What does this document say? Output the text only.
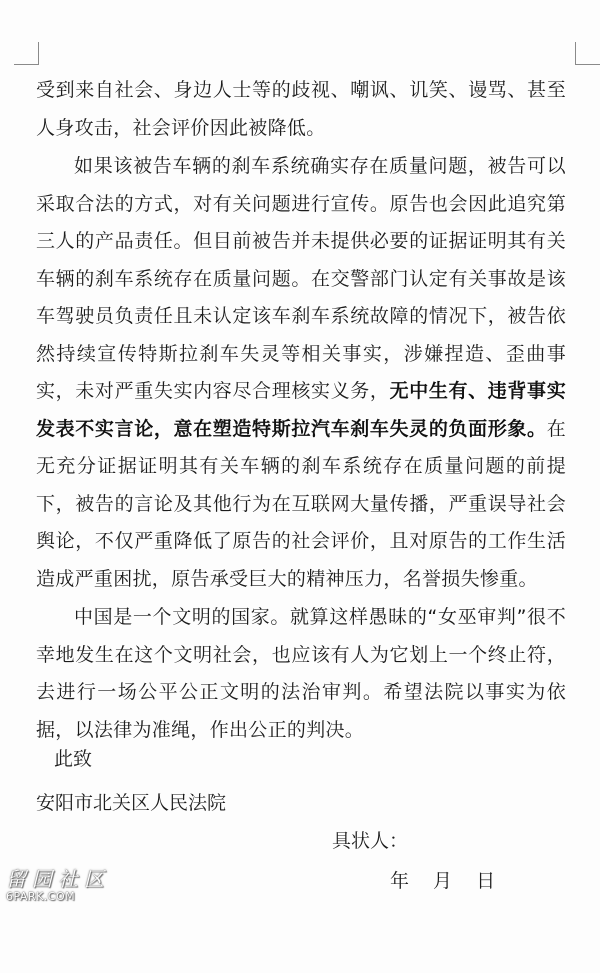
受到来自社会、身边人士等的歧视、嘲讽、讥笑、谩骂、甚至人身攻击，社会评价因此被降低。

如果该被告车辆的刹车系统确实存在质量问题，被告可以采取合法的方式，对有关问题进行宣传。原告也会因此追究第三人的产品责任。但目前被告并未提供必要的证据证明其有关车辆的刹车系统存在质量问题。在交警部门认定有关事故是该车驾驶员负责任且未认定该车刹车系统故障的情况下，被告依然持续宣传特斯拉刹车失灵等相关事实，涉嫌捏造、歪曲事实，未对严重失实内容尽合理核实义务，无中生有、违背事实发表不实言论，意在塑造特斯拉汽车刹车失灵的负面形象。在无充分证据证明其有关车辆的刹车系统存在质量问题的前提下，被告的言论及其他行为在互联网大量传播，严重误导社会舆论，不仅严重降低了原告的社会评价，且对原告的工作生活造成严重困扰，原告承受巨大的精神压力，名誉损失惨重。

中国是一个文明的国家。就算这样愚昧的“女巫审判”很不幸地发生在这个文明社会，也应该有人为它划上一个终止符，去进行一场公平公正文明的法治审判。希望法院以事实为依据，以法律为准绳，作出公正的判决。

此致
安阳市北关区人民法院
具状人：
年 月 日
留园社区
6PARK.COM
